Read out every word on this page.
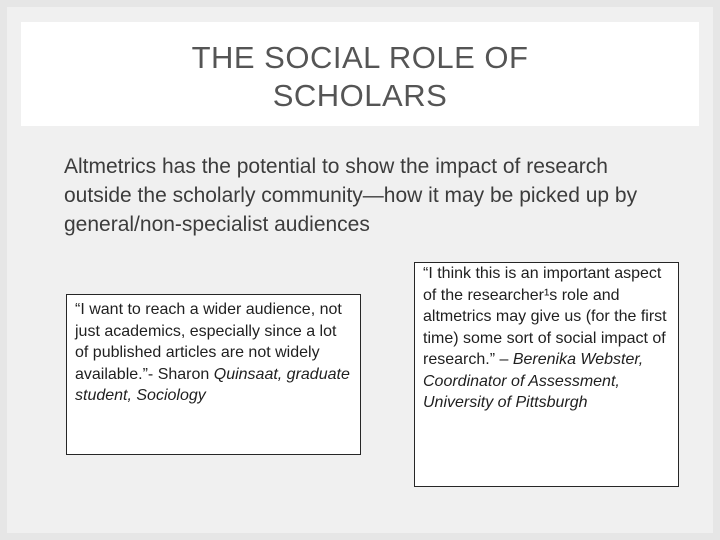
THE SOCIAL ROLE OF
SCHOLARS

Altmetrics has the potential to show the impact of research outside the scholarly community—how it may be picked up by general/non-specialist audiences

“I want to reach a wider audience, not just academics, especially since a lot of published articles are not widely available.”- Sharon Quinsaat, graduate student, Sociology
“I think this is an important aspect of the researcher¹s role and altmetrics may give us (for the first time) some sort of social impact of research.” – Berenika Webster, Coordinator of Assessment, University of Pittsburgh
